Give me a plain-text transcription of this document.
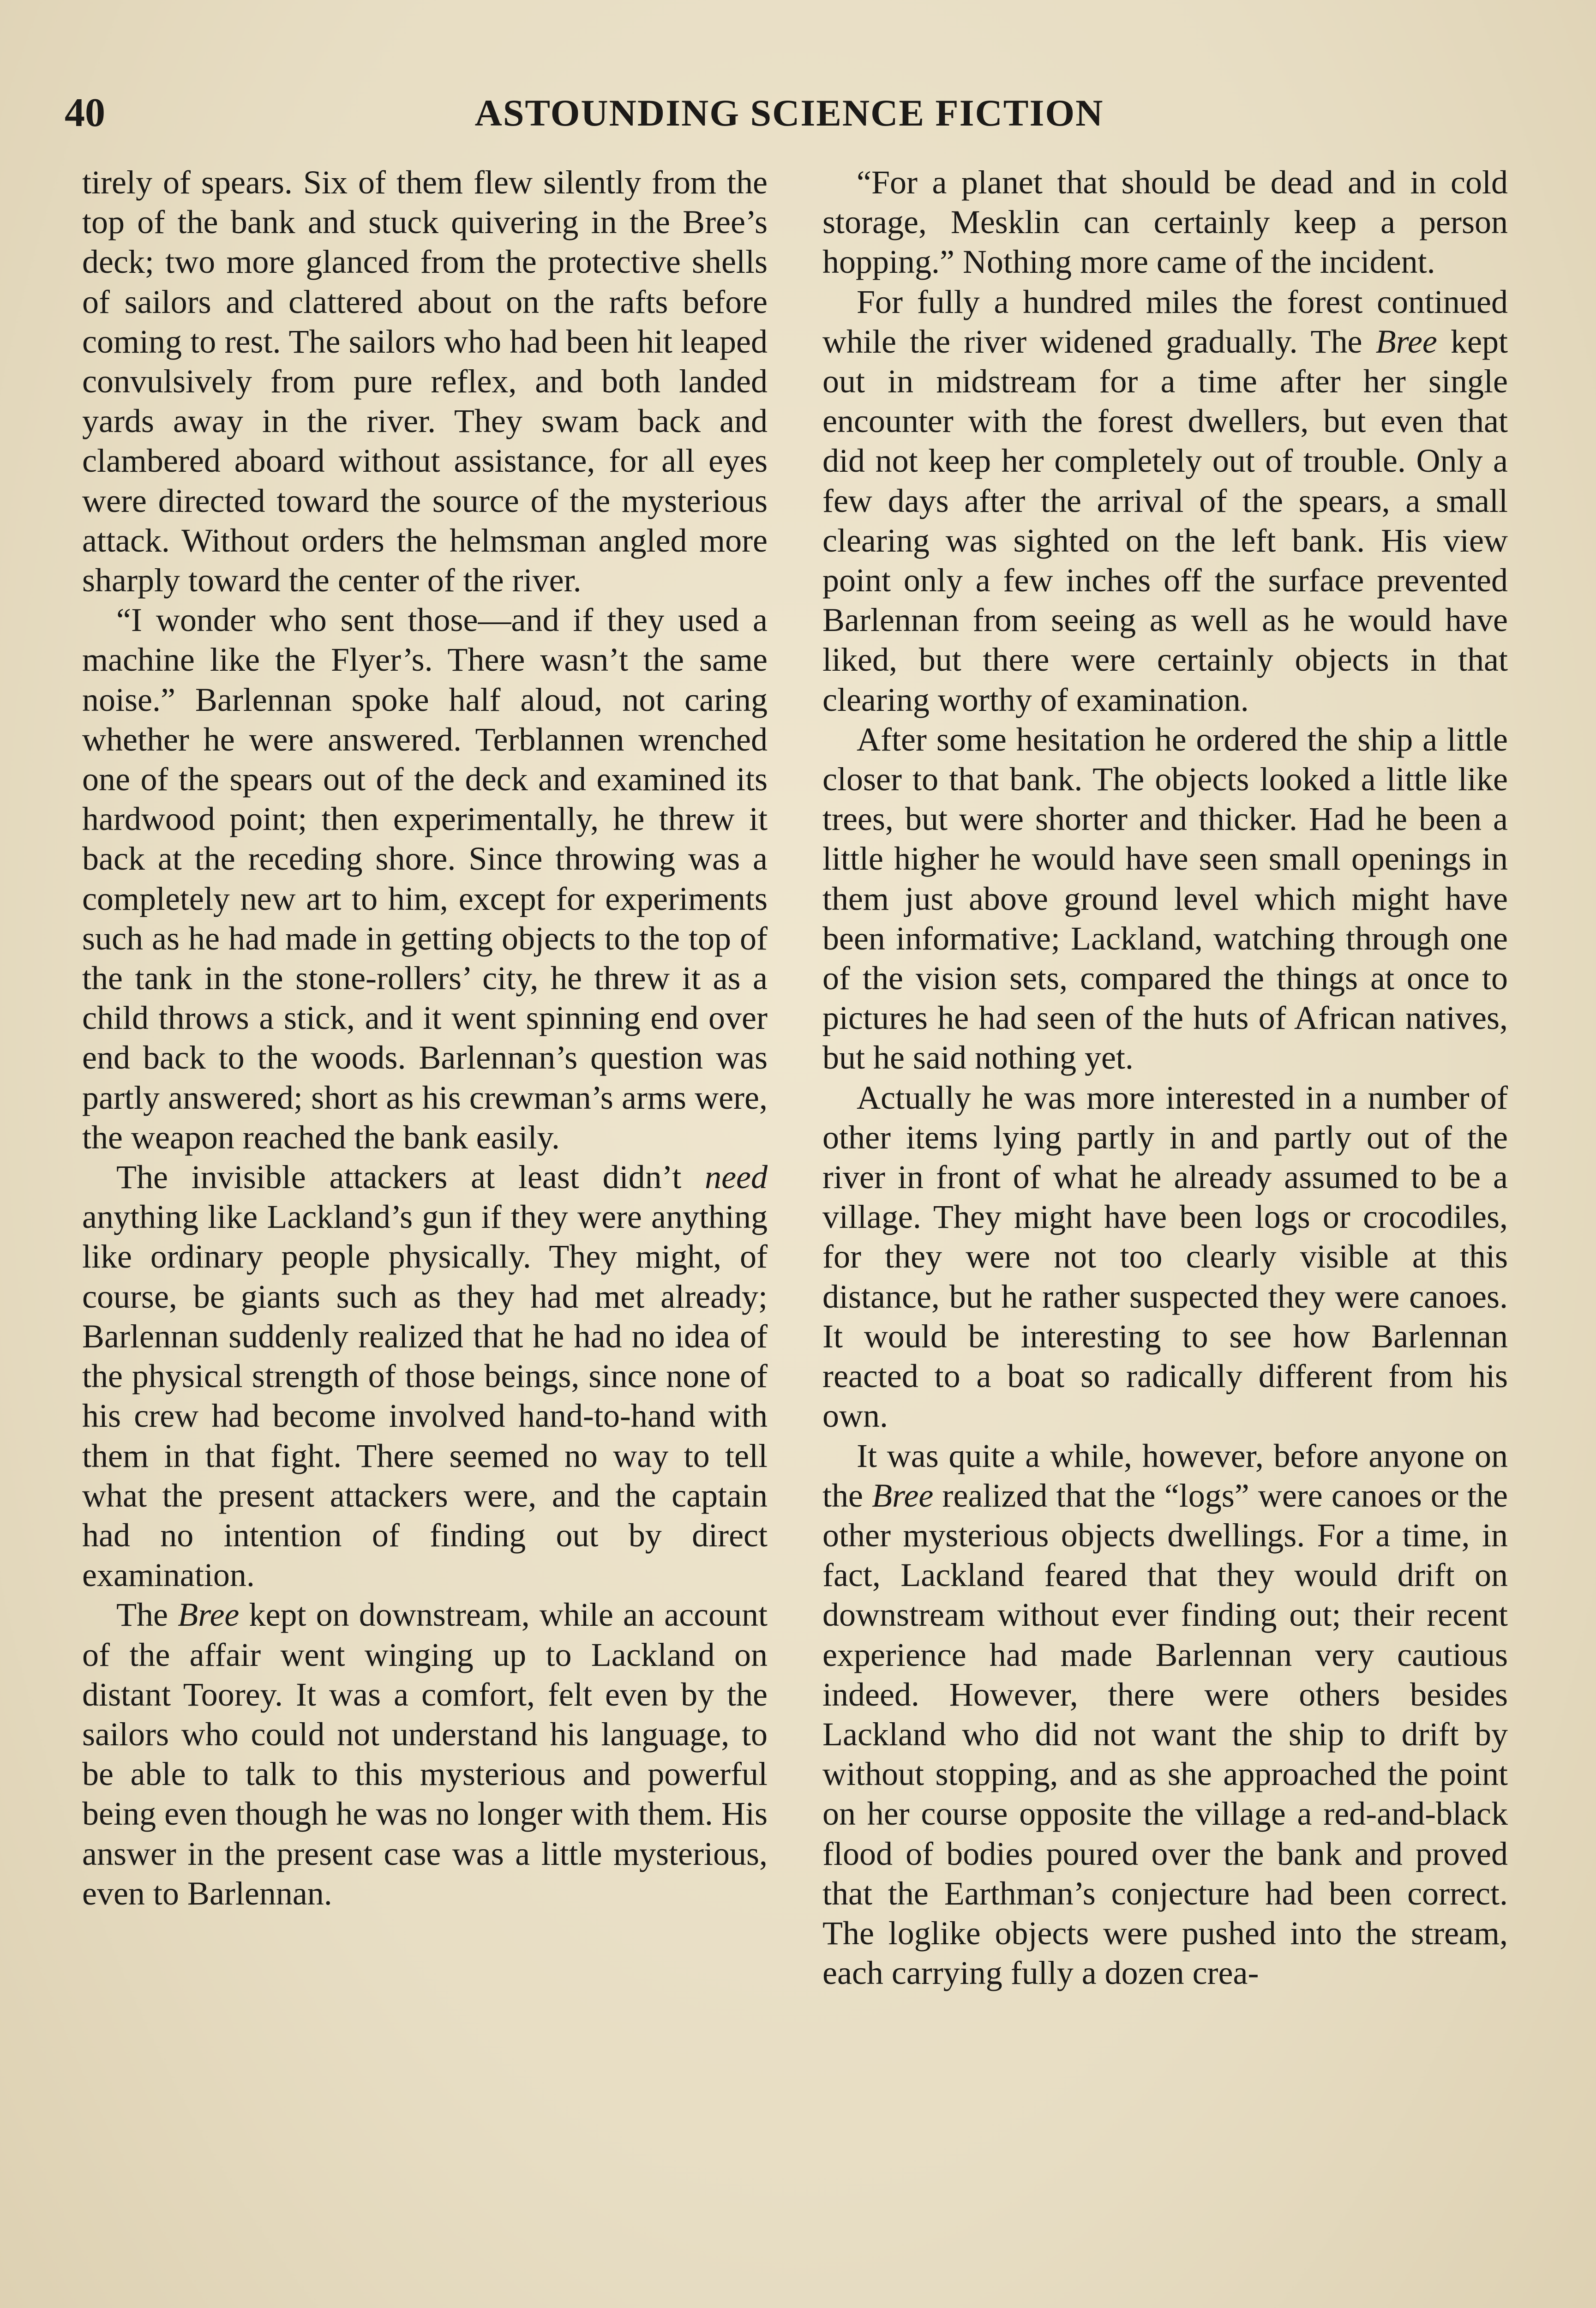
40	ASTOUNDING SCIENCE FICTION

tirely of spears. Six of them flew silently from the top of the bank and stuck quivering in the Bree’s deck; two more glanced from the protective shells of sailors and clattered about on the rafts before coming to rest. The sailors who had been hit leaped convulsively from pure reflex, and both landed yards away in the river. They swam back and clambered aboard without assistance, for all eyes were directed toward the source of the mysterious attack. Without orders the helmsman angled more sharply toward the center of the river.

“I wonder who sent those—and if they used a machine like the Flyer’s. There wasn’t the same noise.” Barlennan spoke half aloud, not caring whether he were answered. Terblannen wrenched one of the spears out of the deck and examined its hardwood point; then experimentally, he threw it back at the receding shore. Since throwing was a completely new art to him, except for experiments such as he had made in getting objects to the top of the tank in the stone-rollers’ city, he threw it as a child throws a stick, and it went spinning end over end back to the woods. Barlennan’s question was partly answered; short as his crewman’s arms were, the weapon reached the bank easily.

The invisible attackers at least didn’t need anything like Lackland’s gun if they were anything like ordinary people physically. They might, of course, be giants such as they had met already; Barlennan suddenly realized that he had no idea of the physical strength of those beings, since none of his crew had become involved hand-to-hand with them in that fight. There seemed no way to tell what the present attackers were, and the captain had no intention of finding out by direct examination.

The Bree kept on downstream, while an account of the affair went winging up to Lackland on distant Toorey. It was a comfort, felt even by the sailors who could not understand his language, to be able to talk to this mysterious and powerful being even though he was no longer with them. His answer in the present case was a little mysterious, even to Barlennan.

“For a planet that should be dead and in cold storage, Mesklin can certainly keep a person hopping.” Nothing more came of the incident.

For fully a hundred miles the forest continued while the river widened gradually. The Bree kept out in midstream for a time after her single encounter with the forest dwellers, but even that did not keep her completely out of trouble. Only a few days after the arrival of the spears, a small clearing was sighted on the left bank. His view point only a few inches off the surface prevented Barlennan from seeing as well as he would have liked, but there were certainly objects in that clearing worthy of examination.

After some hesitation he ordered the ship a little closer to that bank. The objects looked a little like trees, but were shorter and thicker. Had he been a little higher he would have seen small openings in them just above ground level which might have been informative; Lackland, watching through one of the vision sets, compared the things at once to pictures he had seen of the huts of African natives, but he said nothing yet.

Actually he was more interested in a number of other items lying partly in and partly out of the river in front of what he already assumed to be a village. They might have been logs or crocodiles, for they were not too clearly visible at this distance, but he rather suspected they were canoes. It would be interesting to see how Barlennan reacted to a boat so radically different from his own.

It was quite a while, however, before anyone on the Bree realized that the “logs” were canoes or the other mysterious objects dwellings. For a time, in fact, Lackland feared that they would drift on downstream without ever finding out; their recent experience had made Barlennan very cautious indeed. However, there were others besides Lackland who did not want the ship to drift by without stopping, and as she approached the point on her course opposite the village a red-and-black flood of bodies poured over the bank and proved that the Earthman’s conjecture had been correct. The loglike objects were pushed into the stream, each carrying fully a dozen crea-
